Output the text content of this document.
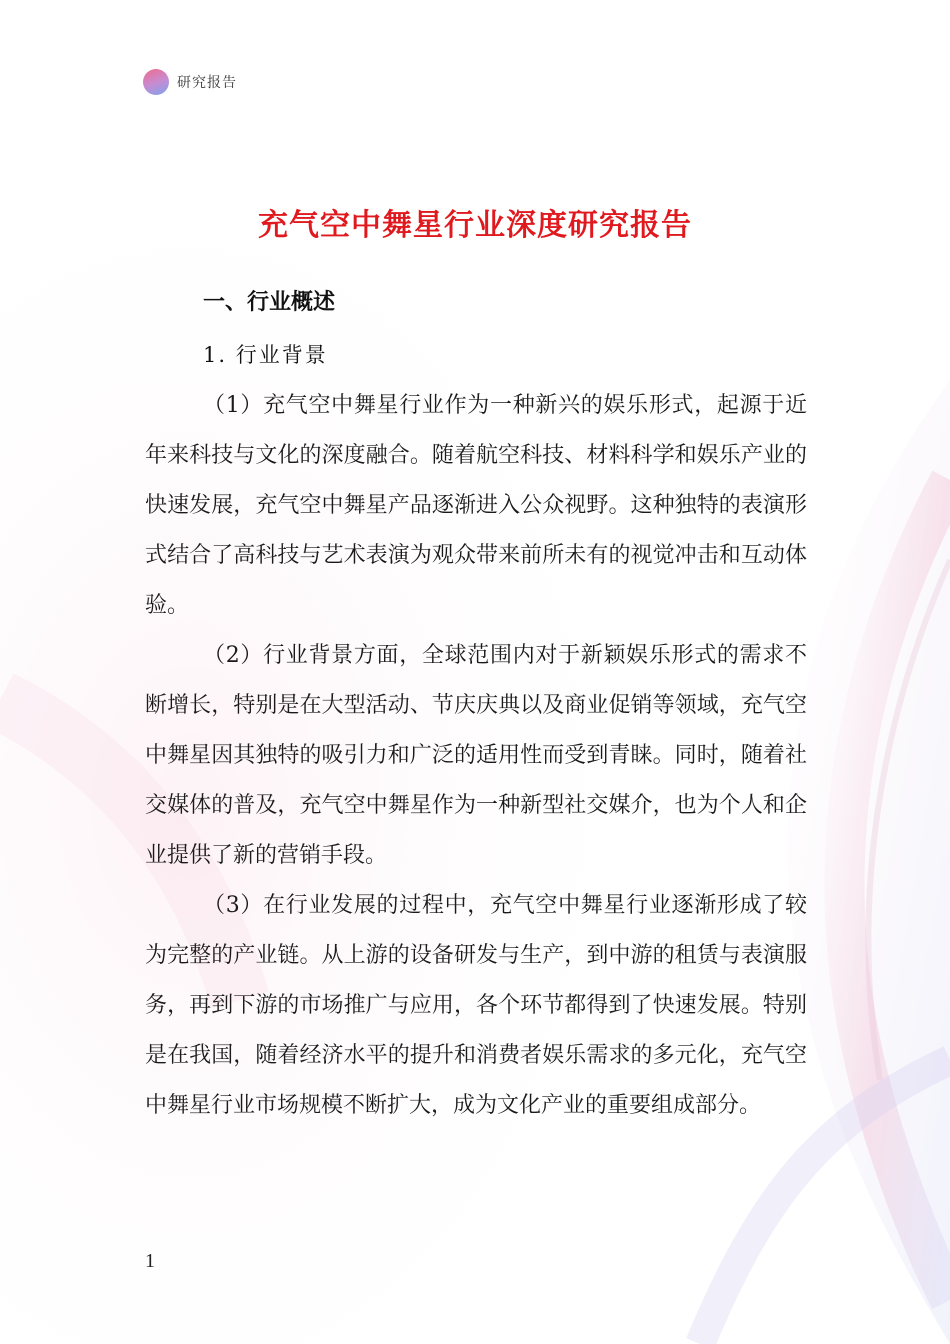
研究报告
充气空中舞星行业深度研究报告
一、行业概述
1. 行业背景

（1）充气空中舞星行业作为一种新兴的娱乐形式，起源于近年来科技与文化的深度融合。随着航空科技、材料科学和娱乐产业的快速发展，充气空中舞星产品逐渐进入公众视野。这种独特的表演形式结合了高科技与艺术表演为观众带来前所未有的视觉冲击和互动体验。

（2）行业背景方面，全球范围内对于新颖娱乐形式的需求不断增长，特别是在大型活动、节庆庆典以及商业促销等领域，充气空中舞星因其独特的吸引力和广泛的适用性而受到青睐。同时，随着社交媒体的普及，充气空中舞星作为一种新型社交媒介，也为个人和企业提供了新的营销手段。

（3）在行业发展的过程中，充气空中舞星行业逐渐形成了较为完整的产业链。从上游的设备研发与生产，到中游的租赁与表演服务，再到下游的市场推广与应用，各个环节都得到了快速发展。特别是在我国，随着经济水平的提升和消费者娱乐需求的多元化，充气空中舞星行业市场规模不断扩大，成为文化产业的重要组成部分。

1
